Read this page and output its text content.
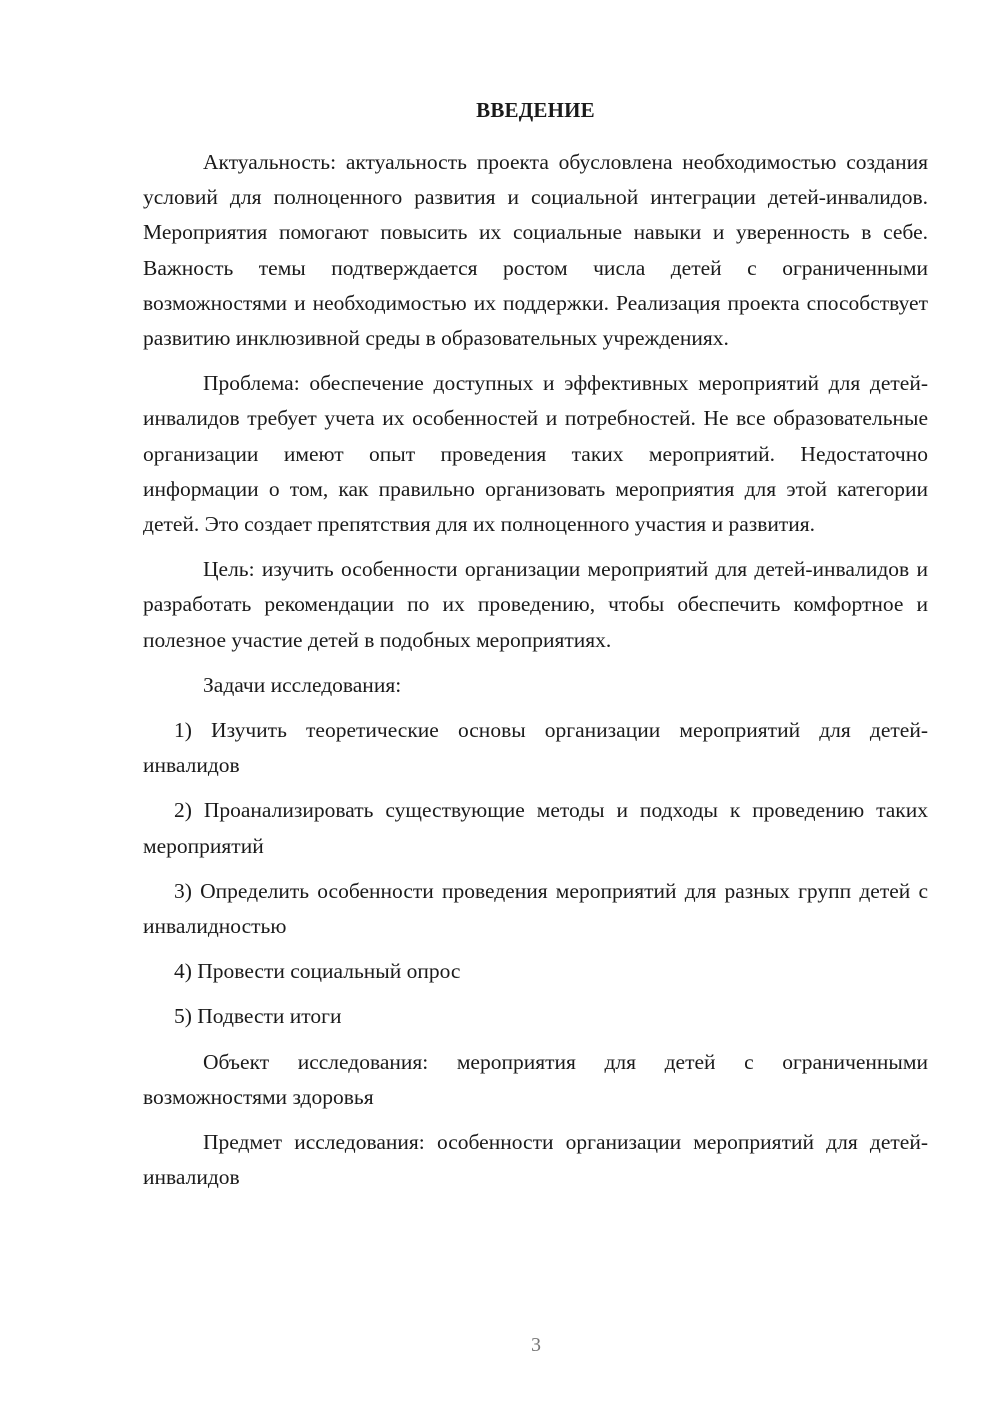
ВВЕДЕНИЕ

Актуальность: актуальность проекта обусловлена необходимостью создания условий для полноценного развития и социальной интеграции детей-инвалидов. Мероприятия помогают повысить их социальные навыки и уверенность в себе. Важность темы подтверждается ростом числа детей с ограниченными возможностями и необходимостью их поддержки. Реализация проекта способствует развитию инклюзивной среды в образовательных учреждениях.

Проблема: обеспечение доступных и эффективных мероприятий для детей-инвалидов требует учета их особенностей и потребностей. Не все образовательные организации имеют опыт проведения таких мероприятий. Недостаточно информации о том, как правильно организовать мероприятия для этой категории детей. Это создает препятствия для их полноценного участия и развития.

Цель: изучить особенности организации мероприятий для детей-инвалидов и разработать рекомендации по их проведению, чтобы обеспечить комфортное и полезное участие детей в подобных мероприятиях.

Задачи исследования:

1) Изучить теоретические основы организации мероприятий для детей-инвалидов

2) Проанализировать существующие методы и подходы к проведению таких мероприятий

3) Определить особенности проведения мероприятий для разных групп детей с инвалидностью

4) Провести социальный опрос

5) Подвести итоги

Объект исследования: мероприятия для детей с ограниченными возможностями здоровья

Предмет исследования: особенности организации мероприятий для детей-инвалидов

3
